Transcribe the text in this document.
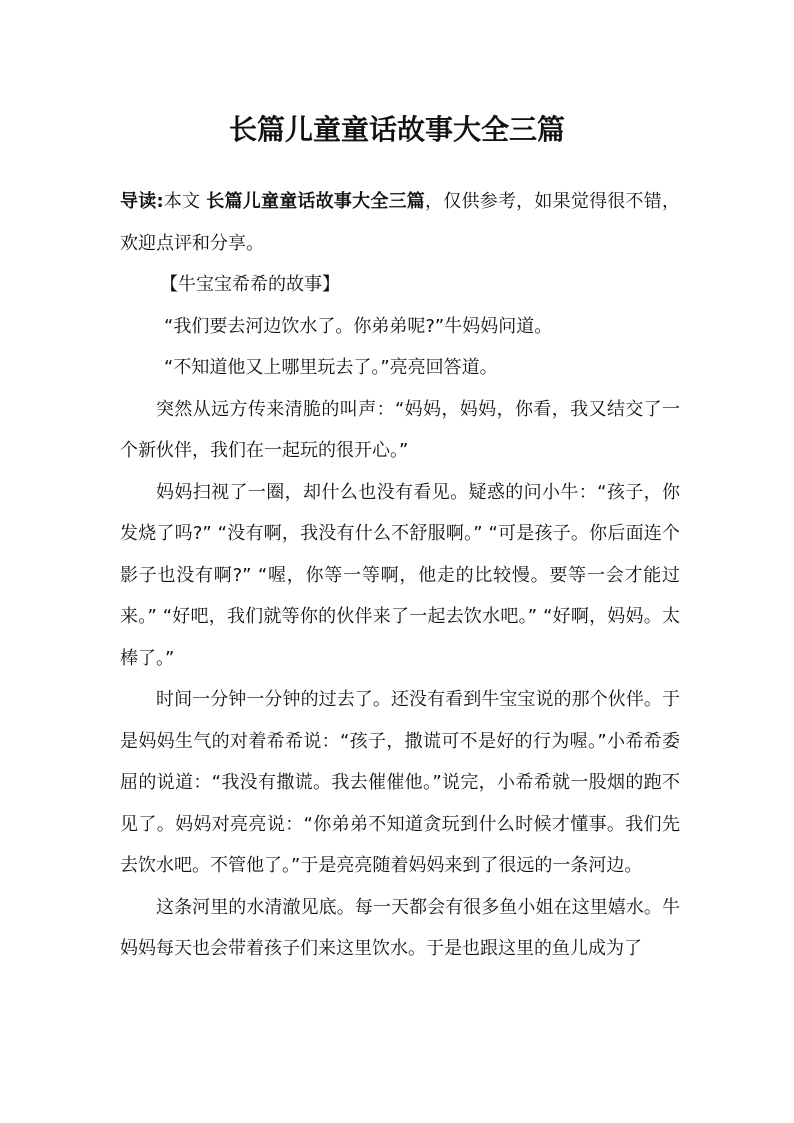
长篇儿童童话故事大全三篇

导读:本文 长篇儿童童话故事大全三篇，仅供参考，如果觉得很不错，欢迎点评和分享。

【牛宝宝希希的故事】

“我们要去河边饮水了。你弟弟呢?”牛妈妈问道。

“不知道他又上哪里玩去了。”亮亮回答道。

突然从远方传来清脆的叫声：“妈妈，妈妈，你看，我又结交了一个新伙伴，我们在一起玩的很开心。”

妈妈扫视了一圈，却什么也没有看见。疑惑的问小牛：“孩子，你发烧了吗?” “没有啊，我没有什么不舒服啊。” “可是孩子。你后面连个影子也没有啊?” “喔，你等一等啊，他走的比较慢。要等一会才能过来。” “好吧，我们就等你的伙伴来了一起去饮水吧。” “好啊，妈妈。太棒了。”

时间一分钟一分钟的过去了。还没有看到牛宝宝说的那个伙伴。于是妈妈生气的对着希希说：“孩子，撒谎可不是好的行为喔。”小希希委屈的说道：“我没有撒谎。我去催催他。”说完，小希希就一股烟的跑不见了。妈妈对亮亮说：“你弟弟不知道贪玩到什么时候才懂事。我们先去饮水吧。不管他了。”于是亮亮随着妈妈来到了很远的一条河边。

这条河里的水清澈见底。每一天都会有很多鱼小姐在这里嬉水。牛妈妈每天也会带着孩子们来这里饮水。于是也跟这里的鱼儿成为了
